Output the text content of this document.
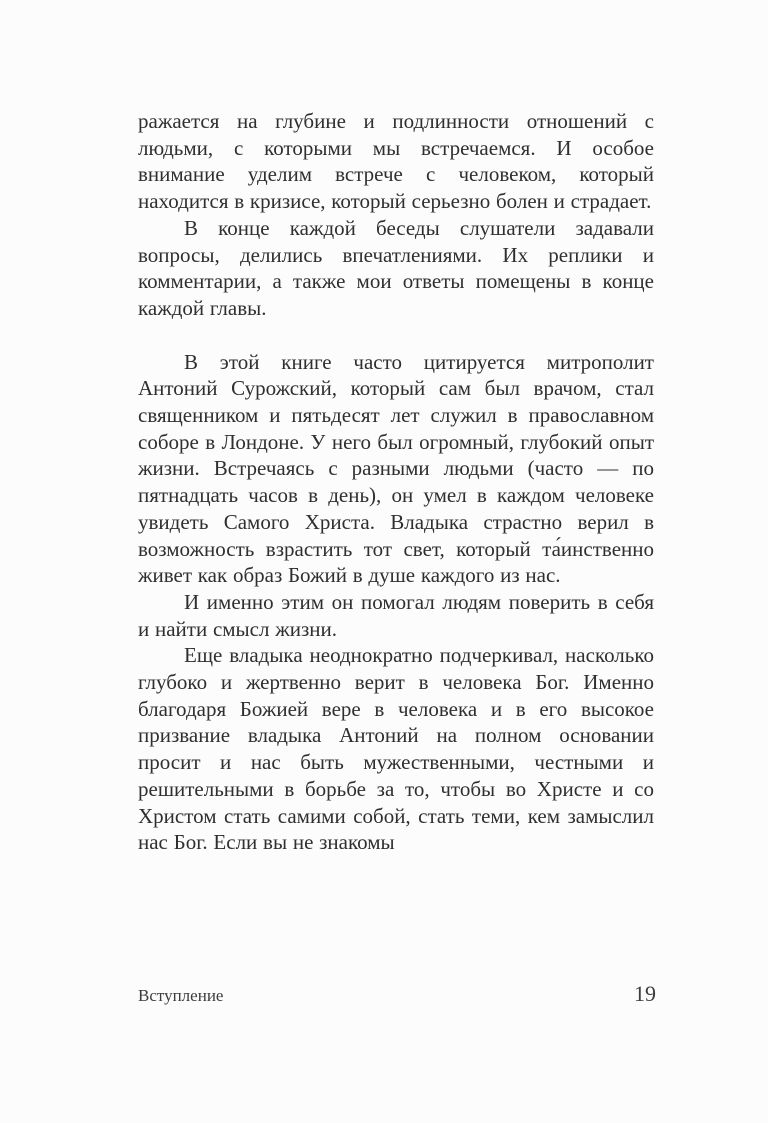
ражается на глубине и подлинности отношений с людьми, с которыми мы встречаемся. И особое внимание уделим встрече с человеком, который находится в кризисе, который серьезно болен и страдает.

В конце каждой беседы слушатели задавали вопросы, делились впечатлениями. Их реплики и комментарии, а также мои ответы помещены в конце каждой главы.

В этой книге часто цитируется митрополит Антоний Сурожский, который сам был врачом, стал священником и пятьдесят лет служил в православном соборе в Лондоне. У него был огромный, глубокий опыт жизни. Встречаясь с разными людьми (часто — по пятнадцать часов в день), он умел в каждом человеке увидеть Самого Христа. Владыка страстно верил в возможность взрастить тот свет, который та́инственно живет как образ Божий в душе каждого из нас.

И именно этим он помогал людям поверить в себя и найти смысл жизни.

Еще владыка неоднократно подчеркивал, насколько глубоко и жертвенно верит в человека Бог. Именно благодаря Божией вере в человека и в его высокое призвание владыка Антоний на полном основании просит и нас быть мужественными, честными и решительными в борьбе за то, чтобы во Христе и со Христом стать самими собой, стать теми, кем замыслил нас Бог. Если вы не знакомы

Вступление	19
